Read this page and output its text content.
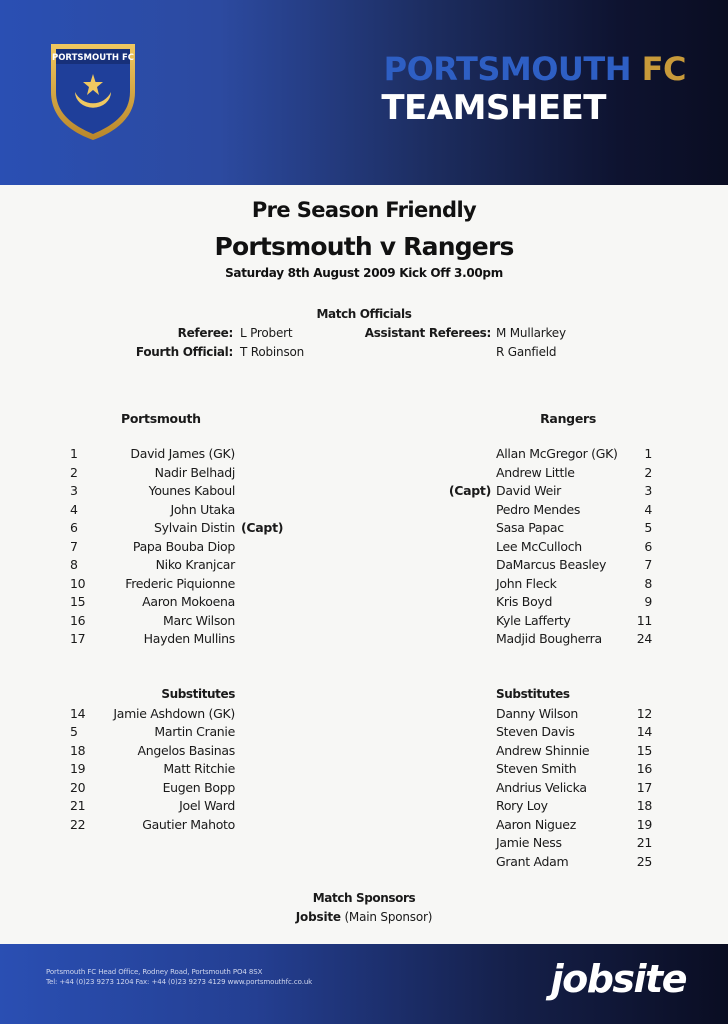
PORTSMOUTH FC	PORTSMOUTH FC
TEAMSHEET
Pre Season Friendly
Portsmouth v Rangers
Saturday 8th August 2009 Kick Off 3.00pm
Match Officials
Referee: L Probert
Fourth Official: T Robinson
Assistant Referees: M Mullarkey
R Ganfield
Portsmouth	Rangers
1	David James (GK)
2	Nadir Belhadj
3	Younes Kaboul
4	John Utaka
6	Sylvain Distin (Capt)
7	Papa Bouba Diop
8	Niko Kranjcar
10	Frederic Piquionne
15	Aaron Mokoena
16	Marc Wilson
17	Hayden Mullins
Allan McGregor (GK) 1
Andrew Little	2
(Capt) David Weir	3
Pedro Mendes	4
Sasa Papac	5
Lee McCulloch	6
DaMarcus Beasley	7
John Fleck	8
Kris Boyd	9
Kyle Lafferty	11
Madjid Bougherra	24
Substitutes	Substitutes
14 Jamie Ashdown (GK)
5	Martin Cranie
18	Angelos Basinas
19	Matt Ritchie
20	Eugen Bopp
21	Joel Ward
22	Gautier Mahoto
Danny Wilson	12
Steven Davis	14
Andrew Shinnie	15
Steven Smith	16
Andrius Velicka	17
Rory Loy	18
Aaron Niguez	19
Jamie Ness	21
Grant Adam	25
Match Sponsors
Jobsite (Main Sponsor)
Portsmouth FC Head Office, Rodney Road, Portsmouth PO4 8SX
Tel: +44 (0)23 9273 1204 Fax: +44 (0)23 9273 4129 www.portsmouthfc.co.uk	jobsite
